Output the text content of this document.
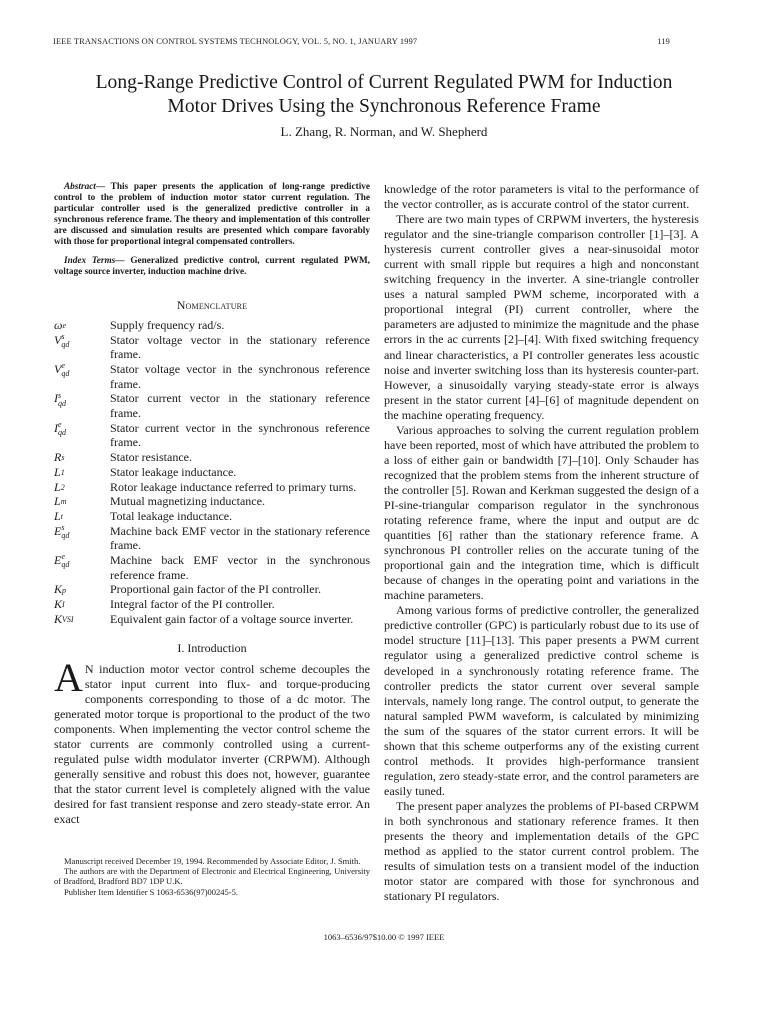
IEEE TRANSACTIONS ON CONTROL SYSTEMS TECHNOLOGY, VOL. 5, NO. 1, JANUARY 1997	119
Long-Range Predictive Control of Current Regulated PWM for Induction
Motor Drives Using the Synchronous Reference Frame
L. Zhang, R. Norman, and W. Shepherd

Abstract— This paper presents the application of long-range predictive control to the problem of induction motor stator current regulation. The particular controller used is the generalized predictive controller in a synchronous reference frame. The theory and implementation of this controller are discussed and simulation results are presented which compare favorably with those for proportional integral compensated controllers.

Index Terms— Generalized predictive control, current regulated PWM, voltage source inverter, induction machine drive.

Nomenclature
ω e	Supply frequency rad/s.
V s
qd	Stator voltage vector in the stationary reference frame.
V e
qd	Stator voltage vector in the synchronous reference frame.
I s
qd	Stator current vector in the stationary reference frame.
I e
qd	Stator current vector in the synchronous reference frame.
R s	Stator resistance.
L 1	Stator leakage inductance.
L 2	Rotor leakage inductance referred to primary turns.
L m	Mutual magnetizing inductance.
L t	Total leakage inductance.
E s
qd	Machine back EMF vector in the stationary reference frame.
E e
qd	Machine back EMF vector in the synchronous reference frame.
K p	Proportional gain factor of the PI controller.
K I	Integral factor of the PI controller.
K VSI	Equivalent gain factor of a voltage source inverter.
I. Introduction

A N induction motor vector control scheme decouples the stator input current into flux- and torque-producing components corresponding to those of a dc motor. The generated motor torque is proportional to the product of the two components. When implementing the vector control scheme the stator currents are commonly controlled using a current-regulated pulse width modulator inverter (CRPWM). Although generally sensitive and robust this does not, however, guarantee that the stator current level is completely aligned with the value desired for fast transient response and zero steady-state error. An exact

Manuscript received December 19, 1994. Recommended by Associate Editor, J. Smith.

The authors are with the Department of Electronic and Electrical Engineering, University of Bradford, Bradford BD7 1DP U.K.

Publisher Item Identifier S 1063-6536(97)00245-5.

knowledge of the rotor parameters is vital to the performance of the vector controller, as is accurate control of the stator current.

There are two main types of CRPWM inverters, the hysteresis regulator and the sine-triangle comparison controller [1]–[3]. A hysteresis current controller gives a near-sinusoidal motor current with small ripple but requires a high and nonconstant switching frequency in the inverter. A sine-triangle controller uses a natural sampled PWM scheme, incorporated with a proportional integral (PI) current controller, where the parameters are adjusted to minimize the magnitude and the phase errors in the ac currents [2]–[4]. With fixed switching frequency and linear characteristics, a PI controller generates less acoustic noise and inverter switching loss than its hysteresis counter-part. However, a sinusoidally varying steady-state error is always present in the stator current [4]–[6] of magnitude dependent on the machine operating frequency.

Various approaches to solving the current regulation problem have been reported, most of which have attributed the problem to a loss of either gain or bandwidth [7]–[10]. Only Schauder has recognized that the problem stems from the inherent structure of the controller [5]. Rowan and Kerkman suggested the design of a PI-sine-triangular comparison regulator in the synchronous rotating reference frame, where the input and output are dc quantities [6] rather than the stationary reference frame. A synchronous PI controller relies on the accurate tuning of the proportional gain and the integration time, which is difficult because of changes in the operating point and variations in the machine parameters.

Among various forms of predictive controller, the generalized predictive controller (GPC) is particularly robust due to its use of model structure [11]–[13]. This paper presents a PWM current regulator using a generalized predictive control scheme is developed in a synchronously rotating reference frame. The controller predicts the stator current over several sample intervals, namely long range. The control output, to generate the natural sampled PWM waveform, is calculated by minimizing the sum of the squares of the stator current errors. It will be shown that this scheme outperforms any of the existing current control methods. It provides high-performance transient regulation, zero steady-state error, and the control parameters are easily tuned.

The present paper analyzes the problems of PI-based CRPWM in both synchronous and stationary reference frames. It then presents the theory and implementation details of the GPC method as applied to the stator current control problem. The results of simulation tests on a transient model of the induction motor stator are compared with those for synchronous and stationary PI regulators.

1063–6536/97$10.00 © 1997 IEEE
